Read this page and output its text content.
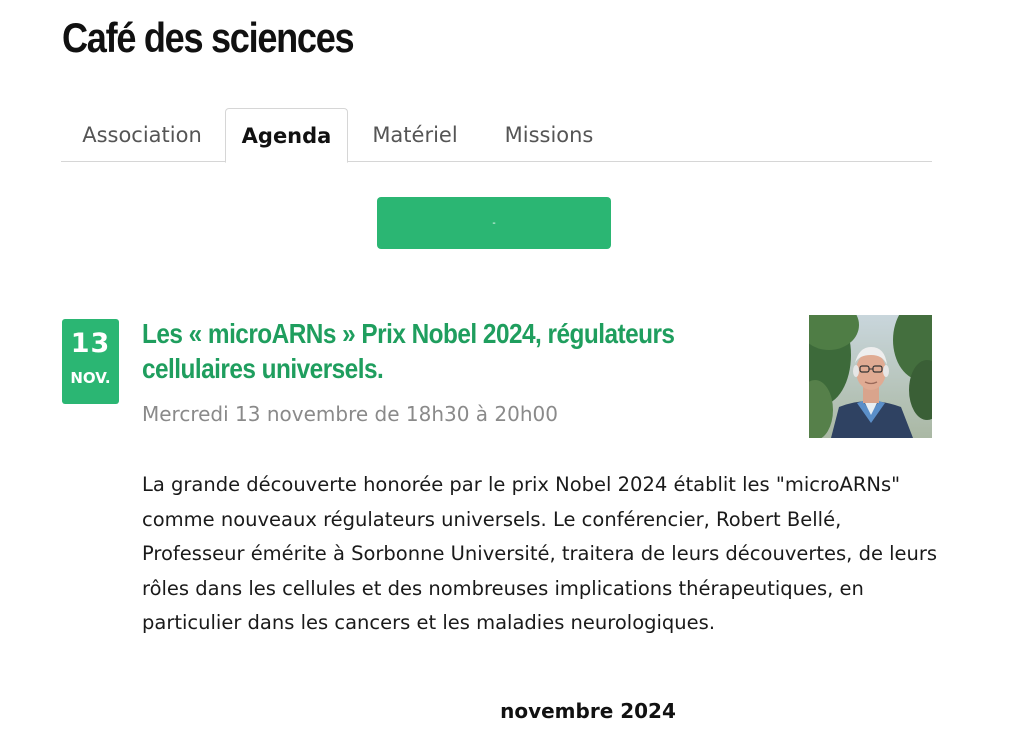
Café des sciences
Association	Agenda	Matériel	Missions
-
13
NOV.
Les « microARNs » Prix Nobel 2024, régulateurs cellulaires universels.
Mercredi 13 novembre de 18h30 à 20h00

La grande découverte honorée par le prix Nobel 2024 établit les "microARNs" comme nouveaux régulateurs universels. Le conférencier, Robert Bellé, Professeur émérite à Sorbonne Université, traitera de leurs découvertes, de leurs rôles dans les cellules et des nombreuses implications thérapeutiques, en particulier dans les cancers et les maladies neurologiques.

novembre 2024
